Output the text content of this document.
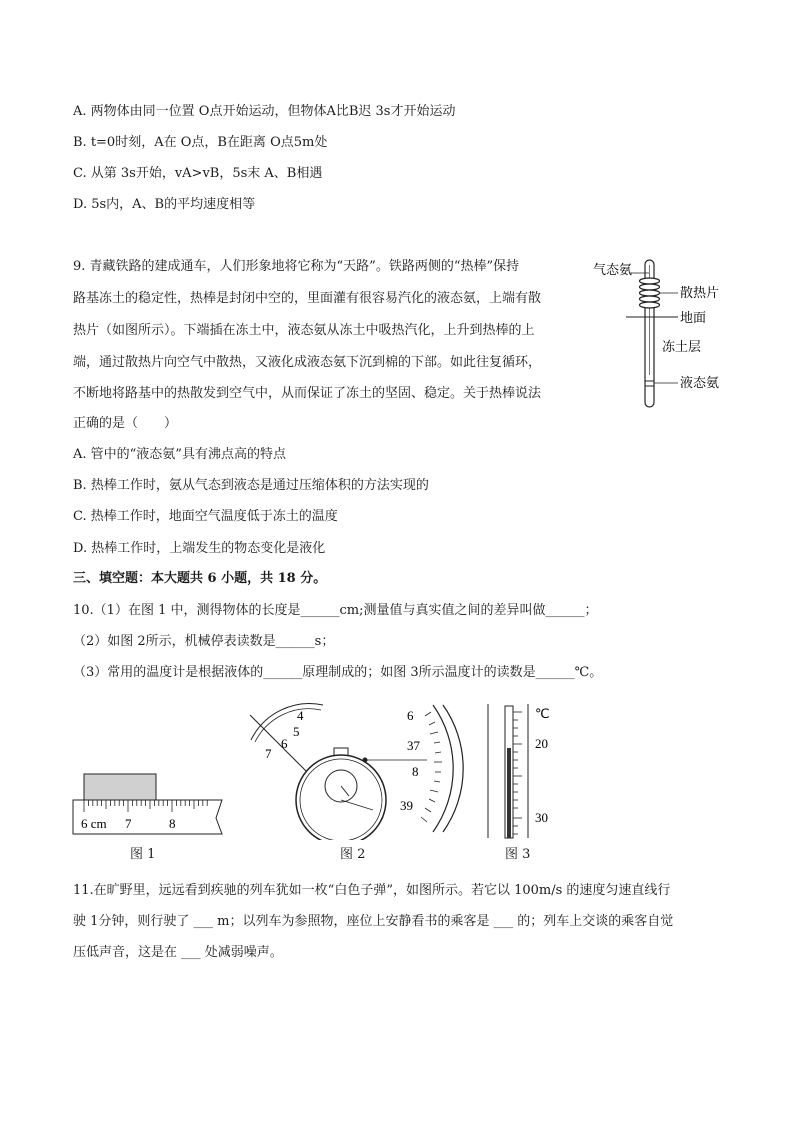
A. 两物体由同一位置 O点开始运动，但物体A比B迟 3s才开始运动
B. t=0时刻，A在 O点，B在距离 O点5m处
C. 从第 3s开始，vA>vB，5s末 A、B相遇
D. 5s内，A、B的平均速度相等
9. 青藏铁路的建成通车，人们形象地将它称为“天路”。铁路两侧的“热棒”保持
路基冻土的稳定性，热棒是封闭中空的，里面灌有很容易汽化的液态氨，上端有散
热片（如图所示）。下端插在冻土中，液态氨从冻土中吸热汽化，上升到热棒的上
端，通过散热片向空气中散热，又液化成液态氨下沉到棉的下部。如此往复循环，
不断地将路基中的热散发到空气中，从而保证了冻土的坚固、稳定。关于热棒说法
正确的是（　　）
气态氨
散热片
地面
冻土层
液态氨
A. 管中的“液态氨”具有沸点高的特点
B. 热棒工作时，氨从气态到液态是通过压缩体积的方法实现的
C. 热棒工作时，地面空气温度低于冻土的温度
D. 热棒工作时，上端发生的物态变化是液化
三、填空题：本大题共 6 小题，共 18 分。
10.（1）在图 1 中，测得物体的长度是______cm;测量值与真实值之间的差异叫做______；
（2）如图 2所示，机械停表读数是______s；
（3）常用的温度计是根据液体的______原理制成的；如图 3所示温度计的读数是______℃。
6 cm 7	8
4
5
6
7
6
37
8
39
℃
20
30
图 1	图 2	图 3
11.在旷野里，远远看到疾驰的列车犹如一枚“白色子弹”，如图所示。若它以 100m/s 的速度匀速直线行
驶 1分钟，则行驶了 ___ m；以列车为参照物，座位上安静看书的乘客是 ___ 的；列车上交谈的乘客自觉
压低声音，这是在 ___ 处减弱噪声。
